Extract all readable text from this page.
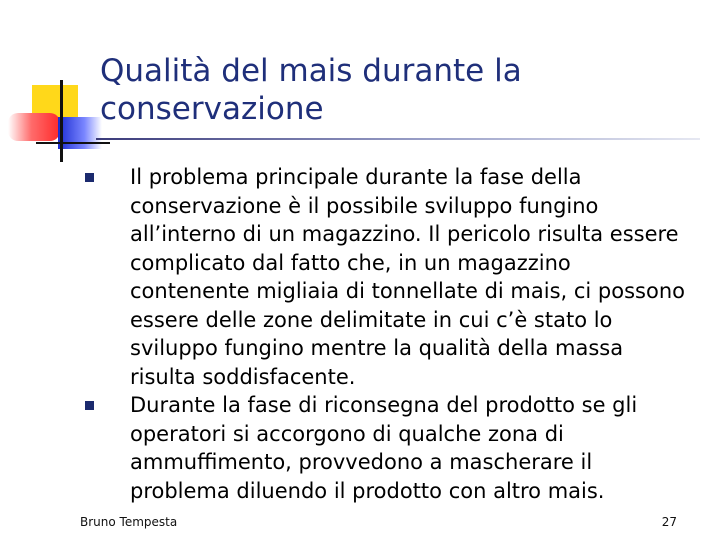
Qualità del mais durante la conservazione
Il problema principale durante la fase della conservazione è il possibile sviluppo fungino all’interno di un magazzino. Il pericolo risulta essere complicato dal fatto che, in un magazzino contenente migliaia di tonnellate di mais, ci possono essere delle zone delimitate in cui c’è stato lo sviluppo fungino mentre la qualità della massa risulta soddisfacente.
Durante la fase di riconsegna del prodotto se gli operatori si accorgono di qualche zona di ammuffimento, provvedono a mascherare il problema diluendo il prodotto con altro mais.
Bruno Tempesta	27
